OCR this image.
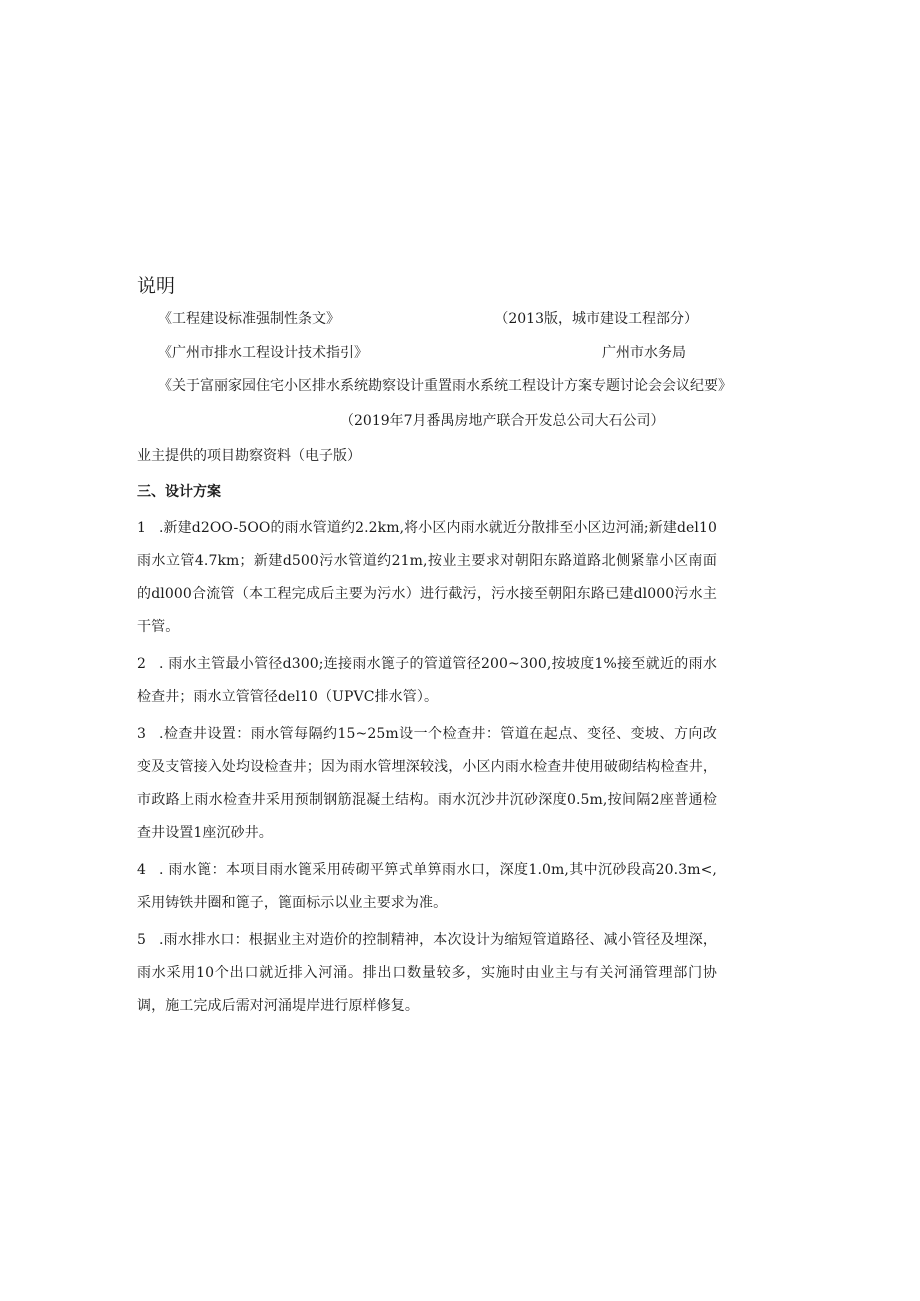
说明
《工程建设标准强制性条文》	（2013版，城市建设工程部分）
《广州市排水工程设计技术指引》	广州市水务局
《关于富丽家园住宅小区排水系统勘察设计重置雨水系统工程设计方案专题讨论会会议纪要》
（2019年7月番禺房地产联合开发总公司大石公司）
业主提供的项目勘察资料（电子版）
三、设计方案

1 .新建d2OO-5OO的雨水管道约2.2km,将小区内雨水就近分散排至小区边河涌;新建del10雨水立管4.7km；新建d500污水管道约21m,按业主要求对朝阳东路道路北侧紧靠小区南面的dl000合流管（本工程完成后主要为污水）进行截污，污水接至朝阳东路已建dl000污水主干管。

2 . 雨水主管最小管径d300;连接雨水篦子的管道管径200~300,按坡度1%接至就近的雨水检查井；雨水立管管径del10（UPVC排水管）。

3 .检查井设置：雨水管每隔约15~25m设一个检查井：管道在起点、变径、变坡、方向改变及支管接入处均设检查井；因为雨水管埋深较浅，小区内雨水检查井使用破砌结构检查井，市政路上雨水检查井采用预制钢筋混凝土结构。雨水沉沙井沉砂深度0.5m,按间隔2座普通检查井设置1座沉砂井。

4 . 雨水篦：本项目雨水篦采用砖砌平箅式单箅雨水口，深度1.0m,其中沉砂段高20.3m<,采用铸铁井圈和篦子，篦面标示以业主要求为准。

5 .雨水排水口：根据业主对造价的控制精神，本次设计为缩短管道路径、减小管径及埋深，雨水采用10个出口就近排入河涌。排出口数量较多，实施时由业主与有关河涌管理部门协调，施工完成后需对河涌堤岸进行原样修复。
